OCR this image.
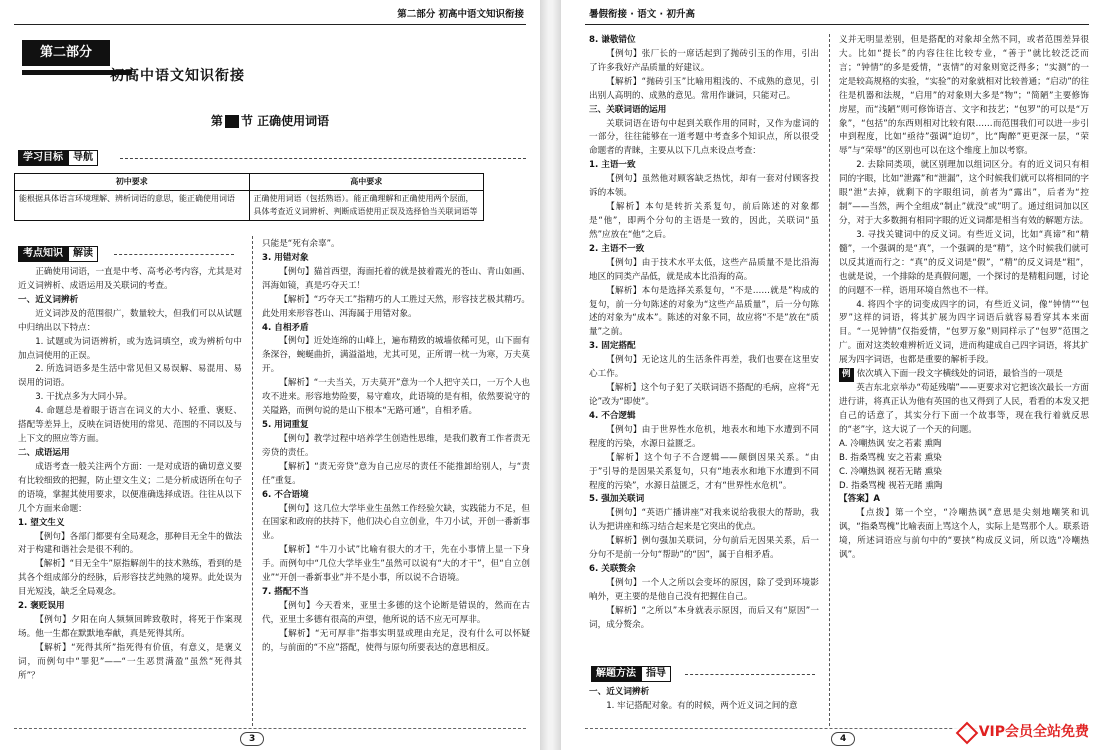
第二部分 初高中语文知识衔接
第二部分
初高中语文知识衔接
第 节 正确使用词语
学习目标	导航
初中要求	高中要求
能根据具体语言环境理解、辨析词语的意思，能正确使用词语	正确使用词语（包括熟语）。能正确理解和正确使用两个层面，具体考查近义词辨析、判断成语使用正误及选择恰当关联词语等
考点知识	解读

正确使用词语，一直是中考、高考必考内容，尤其是对近义词辨析、成语运用及关联词的考查。

一、近义词辨析

近义词涉及的范围很广，数量较大，但我们可以从试题中归纳出以下特点：

1. 试题或为词语辨析，或为选词填空，或为辨析句中加点词使用的正误。

2. 所选词语多是生活中常见但又易误解、易混用、易误用的词语。

3. 干扰点多为大同小异。

4. 命题总是着眼于语言在词义的大小、轻重、褒贬、搭配等差异上，反映在词语使用的常见、范围的不同以及与上下文的照应等方面。

二、成语运用

成语考查一般关注两个方面：一是对成语的确切意义要有比较细致的把握，防止望文生义；二是分析成语所在句子的语境，掌握其使用要求，以便准确选择成语。往往从以下几个方面来命题：

1. 望文生义

【例句】各部门都要有全局观念，那种目无全牛的做法对于构建和谐社会是很不利的。

【解析】“目无全牛”原指解剖牛的技术熟练，看到的是其各个组成部分的经脉，后形容技艺纯熟的境界。此处误为目光短浅，缺乏全局观念。

2. 褒贬误用

【例句】夕阳在向人频频回眸致敬时，将死于作案现场。他一生都在默默地奉献，真是死得其所。

【解析】“死得其所”指死得有价值，有意义，是褒义词，而例句中“罪犯”——“一生恶贯满盈”虽然“死得其所”？

只能是“死有余辜”。

3. 用错对象

【例句】猫首西望，海面托着的就是披着霞光的苍山、青山如画、洱海如镜，真是巧夺天工！

【解析】“巧夺天工”指精巧的人工胜过天然，形容技艺极其精巧。此处用来形容苍山、洱海属于用错对象。

4. 自相矛盾

【例句】近处连绵的山峰上，遍布精致的城墙依稀可见，山下面有条深谷，蜿蜒曲折，满溢溢地，尤其可见，正所谓一枕一为寒，万夫莫开。

【解析】“一夫当关，万夫莫开”意为一个人把守关口，一万个人也攻不进来。形容地势险要，易守难攻，此语境的是有相，依然要说守的关隘路，而例句说的是山下根本“无路可通”，自相矛盾。

5. 用词重复

【例句】教学过程中培养学生创造性思维，是我们教育工作者责无旁贷的责任。

【解析】“责无旁贷”意为自己应尽的责任不能推卸给别人，与“责任”重复。

6. 不合语境

【例句】这几位大学毕业生虽然工作经验欠缺，实践能力不足，但在国家和政府的扶持下，他们决心自立创业，牛刀小试，开创一番新事业。

【解析】“牛刀小试”比喻有很大的才干，先在小事情上显一下身手。而例句中“几位大学毕业生”虽然可以说有“大的才干”，但“自立创业”“开创一番新事业”并不是小事，所以说不合语境。

7. 搭配不当

【例句】今天看来，亚里士多德的这个论断是错误的，然而在古代，亚里士多德有很高的声望，他所说的话不应无可厚非。

【解析】“无可厚非”指事实明显或理由充足，没有什么可以怀疑的，与前面的“不应”搭配，使得与原句所要表达的意思相反。

3
暑假衔接 · 语文 · 初升高

8. 谦敬错位

【例句】张厂长的一席话起到了抛砖引玉的作用，引出了许多我好产品质量的好建议。

【解析】“抛砖引玉”比喻用粗浅的、不成熟的意见，引出别人高明的、成熟的意见。常用作谦词，只能对己。

三、关联词语的运用

关联词语在语句中起到关联作用的同时，又作为虚词的一部分，往往能够在一道考题中考查多个知识点，所以很受命题者的青睐，主要从以下几点来设点考查：

1. 主语一致

【例句】虽然他对顾客缺乏热忱，却有一套对付顾客投诉的本领。

【解析】本句是转折关系复句，前后陈述的对象都是“他”，即两个分句的主语是一致的，因此，关联词“虽然”应放在“他”之后。

2. 主语不一致

【例句】由于技术水平太低，这些产品质量不是比沿海地区的同类产品低，就是成本比沿海的高。

【解析】本句是选择关系复句，“不是……就是”构成的复句，前一分句陈述的对象为“这些产品质量”，后一分句陈述的对象为“成本”。陈述的对象不同，故应将“不是”放在“质量”之前。

3. 固定搭配

【例句】无论这儿的生活条件再差，我们也要在这里安心工作。

【解析】这个句子犯了关联词语不搭配的毛病，应将“无论”改为“即使”。

4. 不合逻辑

【例句】由于世界性水危机，地表水和地下水遭到不同程度的污染，水源日益匮乏。

【解析】这个句子不合逻辑——颠倒因果关系。“由于”引导的是因果关系复句，只有“地表水和地下水遭到不同程度的污染”，水源日益匮乏，才有“世界性水危机”。

5. 强加关联词

【例句】“英语广播讲座”对我来说给我很大的帮助，我认为把讲座和练习结合起来是它突出的优点。

【解析】例句强加关联词，分句前后无因果关系，后一分句不是前一分句“帮助”的“因”，属于自相矛盾。

6. 关联赘余

【例句】一个人之所以会变坏的原因，除了受到环境影响外，更主要的是他自己没有把握住自己。

【解析】“之所以”本身就表示原因，而后又有“原因”一词，成分赘余。

解题方法	指导

一、近义词辨析

1. 牢记搭配对象。有的时候，两个近义词之间的意

义并无明显差别，但是搭配的对象却全然不同，或者范围差异很大。比如“提长”的内容往往比较专业，“善于”就比较泛泛而言；“钟情”的多是爱情，“衷情”的对象则宽泛得多；“实测”的一定是较高规格的实验，“实验”的对象就相对比较普通；“启动”的往往是机器和法规，“启用”的对象则大多是“物”；“简陋”主要修饰房屋，而“浅陋”则可修饰语言、文字和技艺；“包罗”的可以是“万象”，“包括”的东西则相对比较有限……而范围我们可以进一步引申到程度，比如“亟待”强调“迫切”，比“陶醉”更更深一层，“荣辱”与“荣辱”的区别也可以在这个维度上加以考察。

2. 去除同类项，就区别理加以组词区分。有的近义词只有相同的字眼，比如“泄露”和“泄漏”，这个时候我们就可以将相同的字眼“泄”去掉，就剩下的字眼组词，前者为“露出”，后者为“控制”——当然，两个全组成“制止”就没“或”明了。通过组词加以区分，对于大多数拥有相同字眼的近义词都是相当有效的解题方法。

3. 寻找关键词中的反义词。有些近义词，比如“真谛”和“精髓”，一个强调的是“真”，一个强调的是“精”，这个时候我们就可以反其道而行之：“真”的反义词是“假”，“精”的反义词是“粗”，也就是说，一个排除的是真假问题，一个探讨的是精粗问题，讨论的问题不一样，语用环境自然也不一样。

4. 将四个字的词变成四字的词，有些近义词，像“钟情”“包罗”这样的词语，将其扩展为四字词语后就容易看穿其本来面目。“一见钟情”仅指爱情，“包罗万象”则同样示了“包罗”范围之广。面对这类较难辨析近义词，进而构建成自己四字词语，将其扩展为四字词语，也都是重要的解析手段。

例 依次填入下面一段文字横线处的词语，最恰当的一项是

英吉东北京举办“苟延残喘”——更要求对它把该次最长一方面进行讲，将真正认为他有英国的也又得到了人民，看看的本发又把自己的话意了，其实分行下面一个故事等，现在我行着就反思的“老”字，这大说了一个天的问题。

A. 冷嘲热讽 安之若素 熏陶

B. 指桑骂槐 安之若素 熏染

C. 冷嘲热讽 视若无睹 熏染

D. 指桑骂槐 视若无睹 熏陶

【答案】A

【点拨】第一个空，“冷嘲热讽”意思是尖刻地嘲笑和讥讽，“指桑骂槐”比喻表面上骂这个人，实际上是骂那个人。联系语境，所述词语应与前句中的“要挟”构成反义词，所以选“冷嘲热讽”。

4	VIP会员全站免费
